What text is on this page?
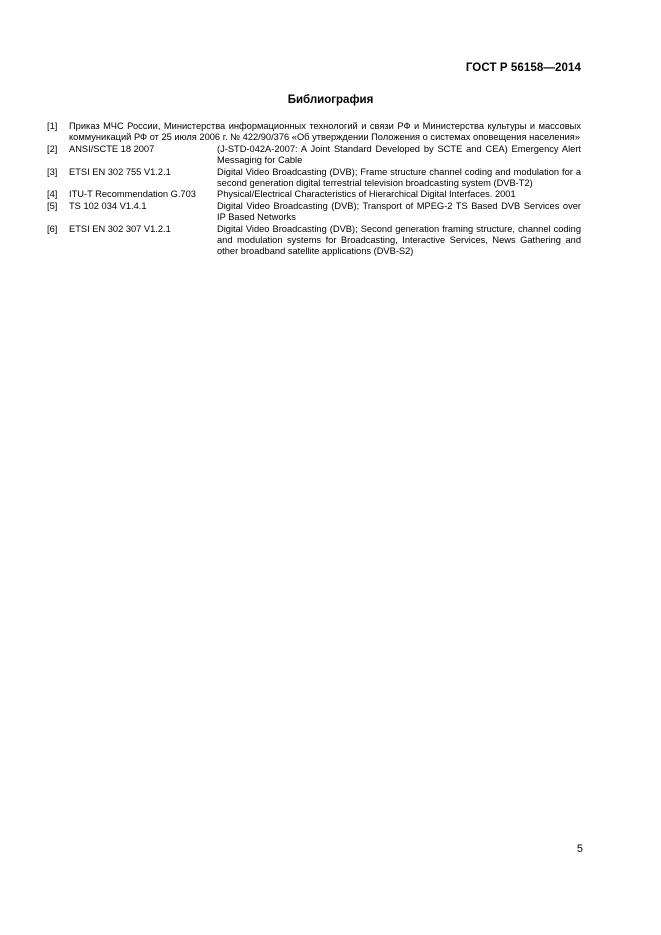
ГОСТ Р 56158—2014
Библиография
[1]	Приказ МЧС России, Министерства информационных технологий и связи РФ и Министерства культуры и массовых коммуникаций РФ от 25 июля 2006 г. № 422/90/376 «Об утверждении Положения о системах оповещения населения»
[2]	ANSI/SCTE 18 2007	(J-STD-042A-2007: A Joint Standard Developed by SCTE and CEA) Emergency Alert Messaging for Cable
[3]	ETSI EN 302 755 V1.2.1	Digital Video Broadcasting (DVB); Frame structure channel coding and modulation for a second generation digital terrestrial television broadcasting system (DVB-T2)
[4]	ITU-T Recommendation G.703	Physical/Electrical Characteristics of Hierarchical Digital Interfaces. 2001
[5]	TS 102 034 V1.4.1	Digital Video Broadcasting (DVB); Transport of MPEG-2 TS Based DVB Services over IP Based Networks
[6]	ETSI EN 302 307 V1.2.1	Digital Video Broadcasting (DVB); Second generation framing structure, channel coding and modulation systems for Broadcasting, Interactive Services, News Gathering and other broadband satellite applications (DVB-S2)
5
